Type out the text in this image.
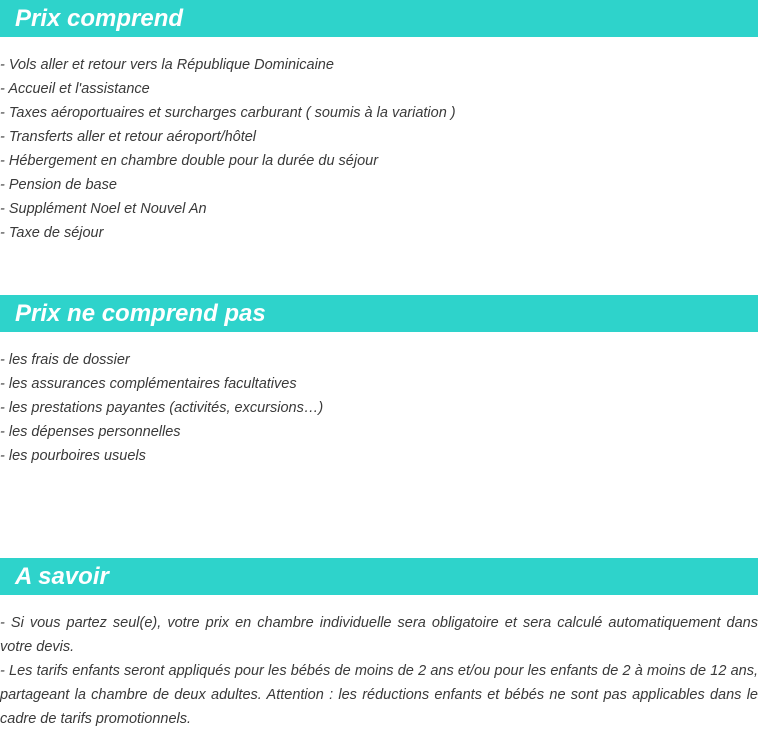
Prix comprend
- Vols aller et retour vers la République Dominicaine
- Accueil et l'assistance
- Taxes aéroportuaires et surcharges carburant ( soumis à la variation )
- Transferts aller et retour aéroport/hôtel
- Hébergement en chambre double pour la durée du séjour
- Pension de base
- Supplément Noel et Nouvel An
- Taxe de séjour
Prix ne comprend pas
- les frais de dossier
- les assurances complémentaires facultatives
- les prestations payantes (activités, excursions…)
- les dépenses personnelles
- les pourboires usuels
A savoir

- Si vous partez seul(e), votre prix en chambre individuelle sera obligatoire et sera calculé automatiquement dans votre devis.

- Les tarifs enfants seront appliqués pour les bébés de moins de 2 ans et/ou pour les enfants de 2 à moins de 12 ans, partageant la chambre de deux adultes. Attention : les réductions enfants et bébés ne sont pas applicables dans le cadre de tarifs promotionnels.
